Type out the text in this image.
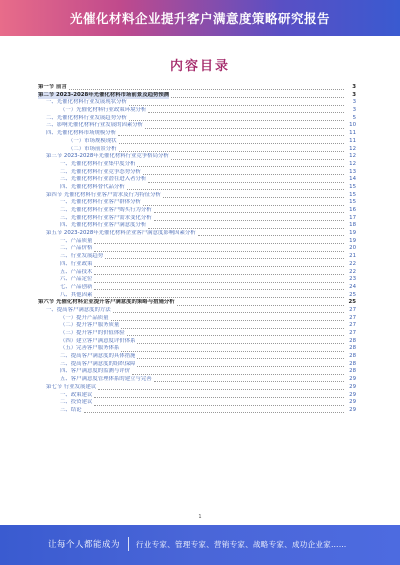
光催化材料企业提升客户满意度策略研究报告
内容目录
第一节 前言	3
第二节 2023-2028年光催化材料市场前景及趋势预测	3
一、光催化材料行业发展现状分析	3
（一）光催化材料行业政策环境分析	3
二、光催化材料行业发展趋势分析	5
三、影响光催化材料行业发展的因素分析	10
四、光催化材料市场规模分析	11
（一）市场规模现状	11
（二）市场前景分析	12
第三节 2023-2028年光催化材料行业竞争格局分析	12
一、光催化材料行业集中度分析	12
二、光催化材料行业竞争态势分析	13
三、光催化材料行业潜在进入者分析	14
四、光催化材料替代品分析	15
第四节 光催化材料行业客户需求及行为特征分析	15
一、光催化材料行业客户群体分析	15
二、光催化材料行业客户购买行为分析	16
三、光催化材料行业客户需求变化分析	17
四、光催化材料行业客户满意度分析	18
第五节 2023-2028年光催化材料企业客户满意度影响因素分析	19
一、产品质量	19
二、产品价格	20
三、行业发展趋势	21
四、行业政策	22
五、产品技术	22
六、产品定位	23
七、产品创新	24
八、其他因素	25
第六节 光催化材料企业提升客户满意度的策略与措施分析	25
一、提高客户满意度的方法	27
（一）提升产品质量	27
（二）提升客户服务质量	27
（三）提升客户的价值体验	27
（四）建立客户满意度评价体系	28
（五）完善客户服务体系	28
二、提高客户满意度的具体措施	28
三、提高客户满意度的组织保障	28
四、客户满意度的监测与评价	28
五、客户满意度管理体系的建立与完善	29
第七节 行业发展建议	29
一、政策建议	29
二、投资建议	29
三、结论	29
1
让每个人都能成为 行业专家、管理专家、营销专家、战略专家、成功企业家……
